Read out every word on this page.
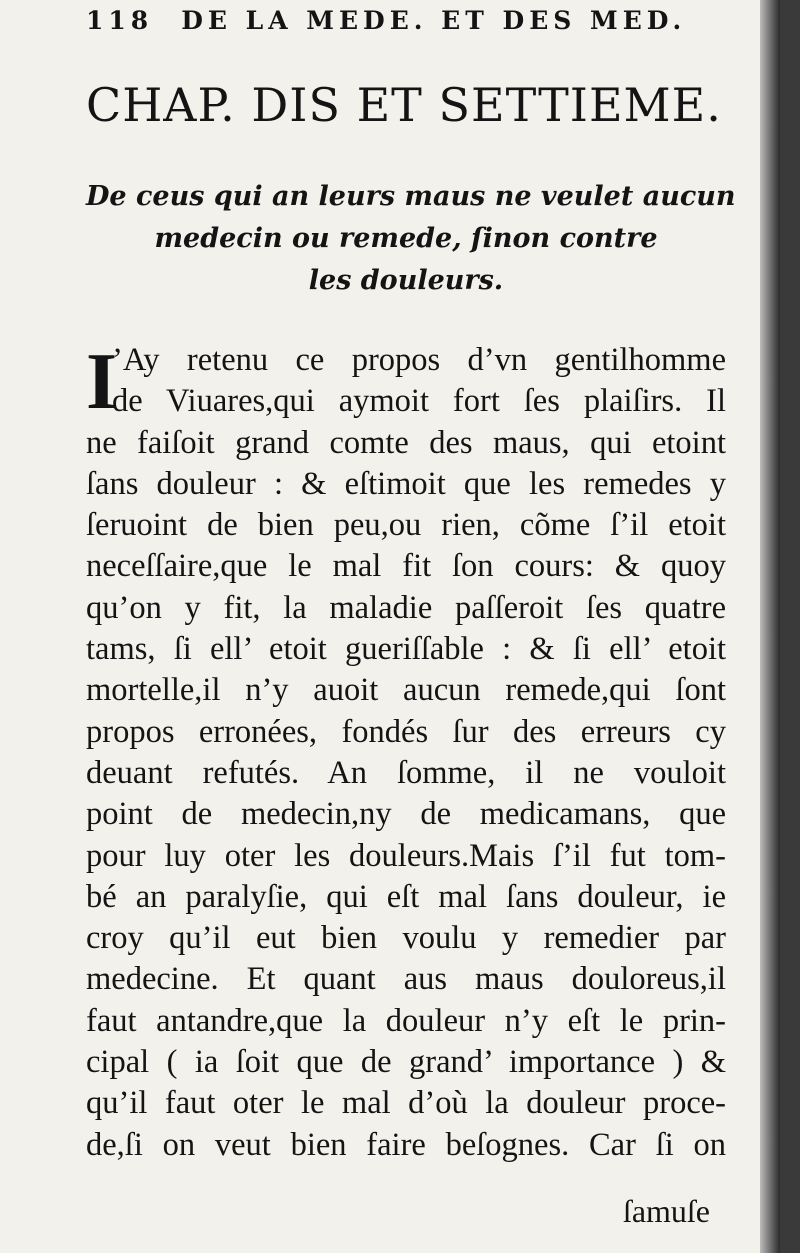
118 DE LA MEDE. ET DES MED.
CHAP. DIS ET SETTIEME.
De ceus qui an leurs maus ne veulet aucun
medecin ou remede, ſinon contre
les douleurs.
I
’Ay retenu ce propos d’vn gentilhomme
de Viuares,qui aymoit fort ſes plaiſirs. Il
ne faiſoit grand comte des maus, qui etoint
ſans douleur : & eſtimoit que les remedes y
ſeruoint de bien peu,ou rien, cõme ſ’il etoit
neceſſaire,que le mal fit ſon cours: & quoy
qu’on y fit, la maladie paſſeroit ſes quatre
tams, ſi ell’ etoit gueriſſable : & ſi ell’ etoit
mortelle,il n’y auoit aucun remede,qui ſont
propos erronées, fondés ſur des erreurs cy
deuant refutés. An ſomme, il ne vouloit
point de medecin,ny de medicamans, que
pour luy oter les douleurs.Mais ſ’il fut tom-
bé an paralyſie, qui eſt mal ſans douleur, ie
croy qu’il eut bien voulu y remedier par
medecine. Et quant aus maus douloreus,il
faut antandre,que la douleur n’y eſt le prin-
cipal ( ia ſoit que de grand’ importance ) &
qu’il faut oter le mal d’où la douleur proce-
de,ſi on veut bien faire beſognes. Car ſi on
ſamuſe
